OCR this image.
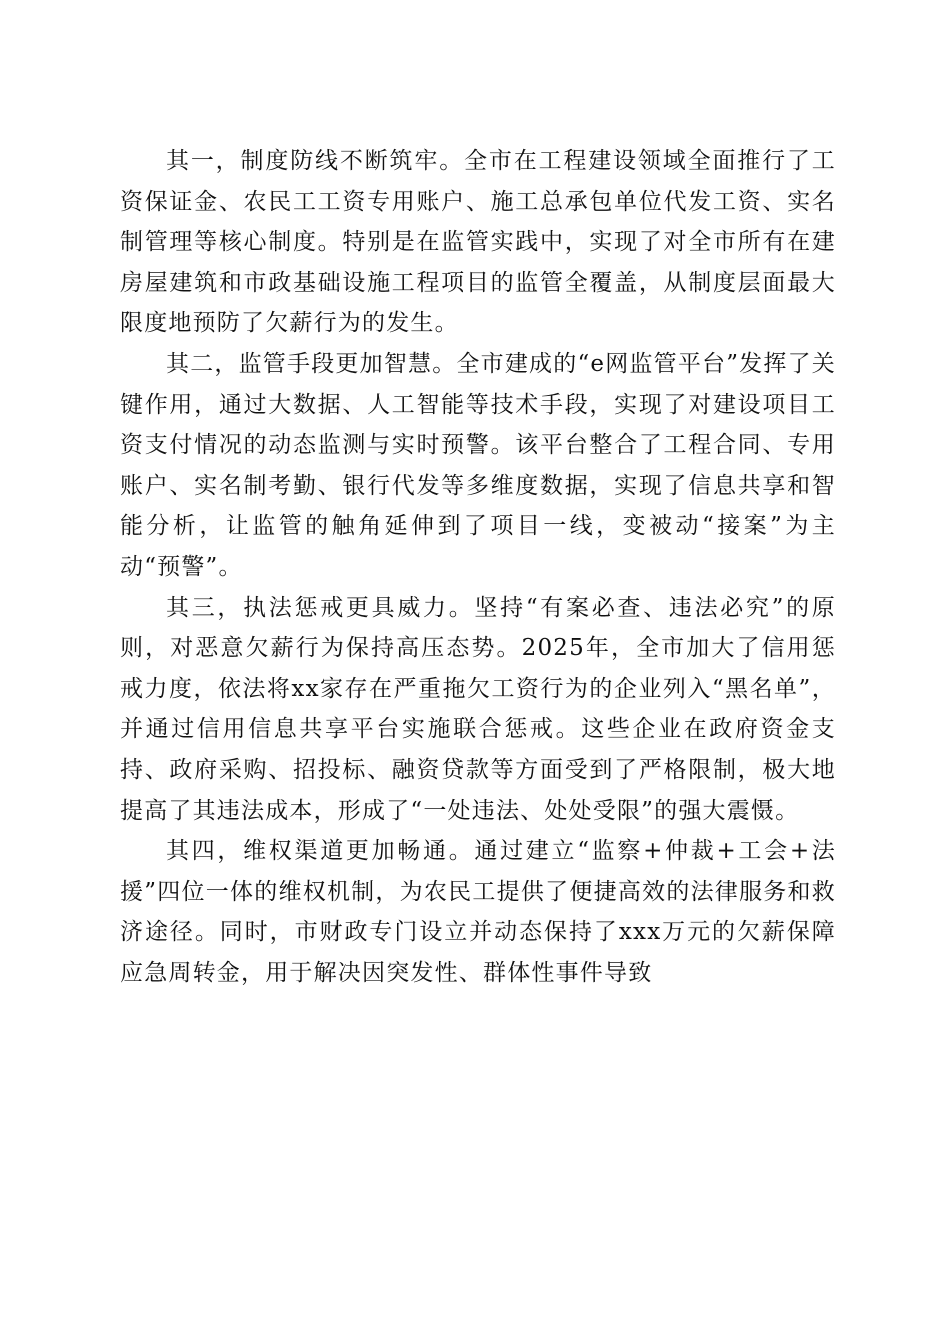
其一，制度防线不断筑牢。全市在工程建设领域全面推行了工资保证金、农民工工资专用账户、施工总承包单位代发工资、实名制管理等核心制度。特别是在监管实践中，实现了对全市所有在建房屋建筑和市政基础设施工程项目的监管全覆盖，从制度层面最大限度地预防了欠薪行为的发生。

其二，监管手段更加智慧。全市建成的“e网监管平台”发挥了关键作用，通过大数据、人工智能等技术手段，实现了对建设项目工资支付情况的动态监测与实时预警。该平台整合了工程合同、专用账户、实名制考勤、银行代发等多维度数据，实现了信息共享和智能分析，让监管的触角延伸到了项目一线，变被动“接案”为主动“预警”。

其三，执法惩戒更具威力。坚持“有案必查、违法必究”的原则，对恶意欠薪行为保持高压态势。2025年，全市加大了信用惩戒力度，依法将xx家存在严重拖欠工资行为的企业列入“黑名单”，并通过信用信息共享平台实施联合惩戒。这些企业在政府资金支持、政府采购、招投标、融资贷款等方面受到了严格限制，极大地提高了其违法成本，形成了“一处违法、处处受限”的强大震慑。

其四，维权渠道更加畅通。通过建立“监察+仲裁+工会+法援”四位一体的维权机制，为农民工提供了便捷高效的法律服务和救济途径。同时，市财政专门设立并动态保持了xxx万元的欠薪保障应急周转金，用于解决因突发性、群体性事件导致
